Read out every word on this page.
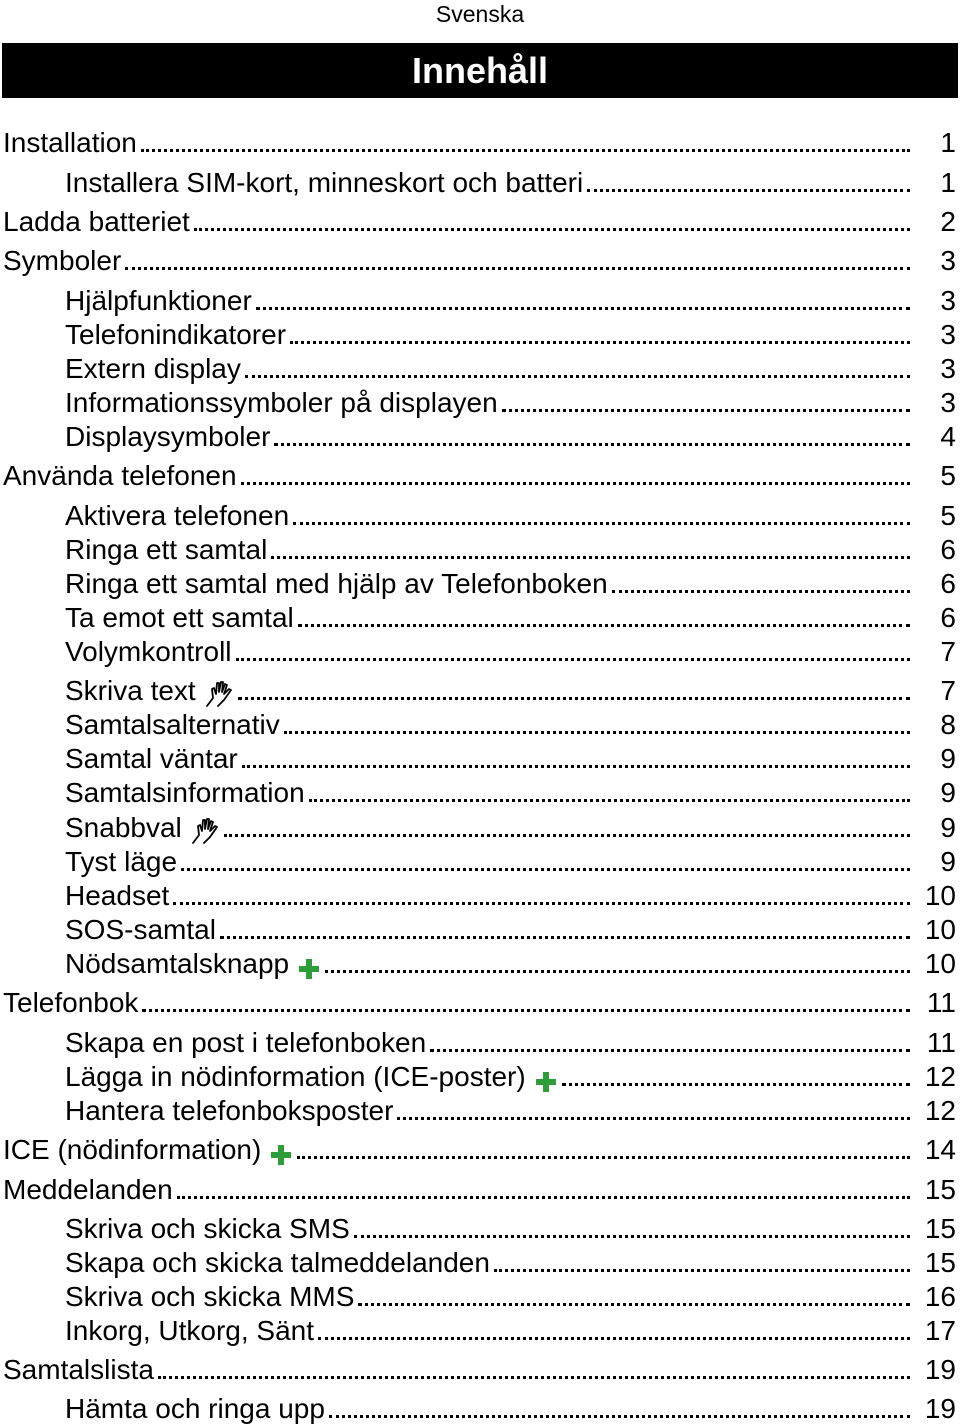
Svenska
Innehåll
Installation	1
Installera SIM-kort, minneskort och batteri	1
Ladda batteriet	2
Symboler	3
Hjälpfunktioner	3
Telefonindikatorer	3
Extern display	3
Informationssymboler på displayen	3
Displaysymboler	4
Använda telefonen	5
Aktivera telefonen	5
Ringa ett samtal	6
Ringa ett samtal med hjälp av Telefonboken	6
Ta emot ett samtal	6
Volymkontroll	7
Skriva text	7
Samtalsalternativ	8
Samtal väntar	9
Samtalsinformation	9
Snabbval	9
Tyst läge	9
Headset	10
SOS-samtal	10
Nödsamtalsknapp	10
Telefonbok	11
Skapa en post i telefonboken	11
Lägga in nödinformation (ICE-poster)	12
Hantera telefonboksposter	12
ICE (nödinformation)	14
Meddelanden	15
Skriva och skicka SMS	15
Skapa och skicka talmeddelanden	15
Skriva och skicka MMS	16
Inkorg, Utkorg, Sänt	17
Samtalslista	19
Hämta och ringa upp	19
